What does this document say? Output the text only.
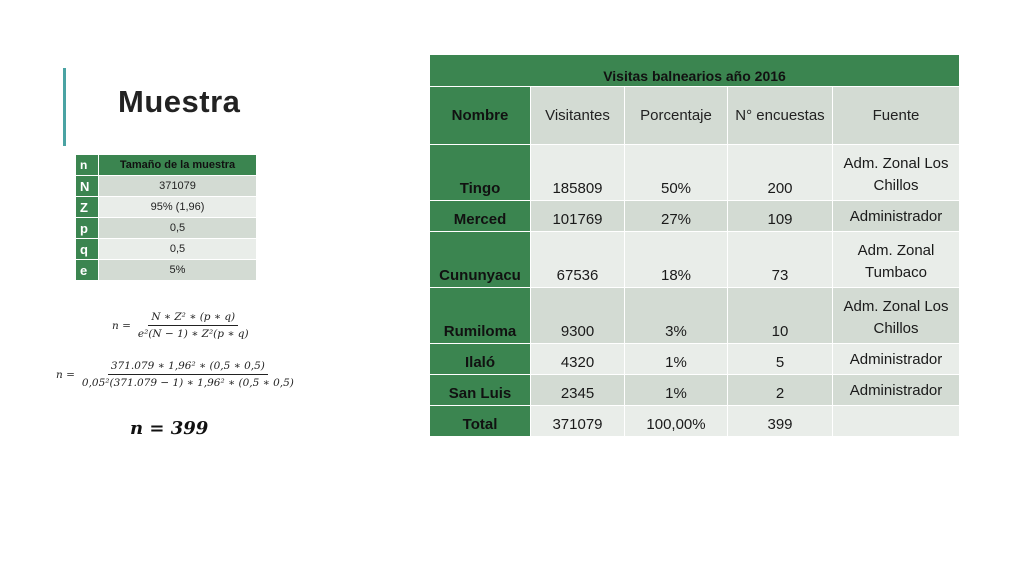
Muestra
n	Tamaño de la muestra
N	371079
Z	95% (1,96)
p	0,5
q	0,5
e	5%
$n = \frac{\text{N ∗ Z² ∗ (p ∗ q)}}{\text{e²(N − 1) ∗ Z²(p ∗ q)}}$
$n = \frac{\text{371.079 ∗ 1,96² ∗ (0,5 ∗ 0,5)}}{\text{0,05²(371.079 − 1) ∗ 1,96² ∗ (0,5 ∗ 0,5)}}$
n = 399
Visitas balnearios año 2016				
Nombre	Visitantes	Porcentaje	N° encuestas	Fuente
Tingo	185809	50%	200	Adm. Zonal Los Chillos
Merced	101769	27%	109	Administrador
Cununyacu	67536	18%	73	Adm. Zonal Tumbaco
Rumiloma	9300	3%	10	Adm. Zonal Los Chillos
Ilaló	4320	1%	5	Administrador
San Luis	2345	1%	2	Administrador
Total	371079	100,00%	399	
